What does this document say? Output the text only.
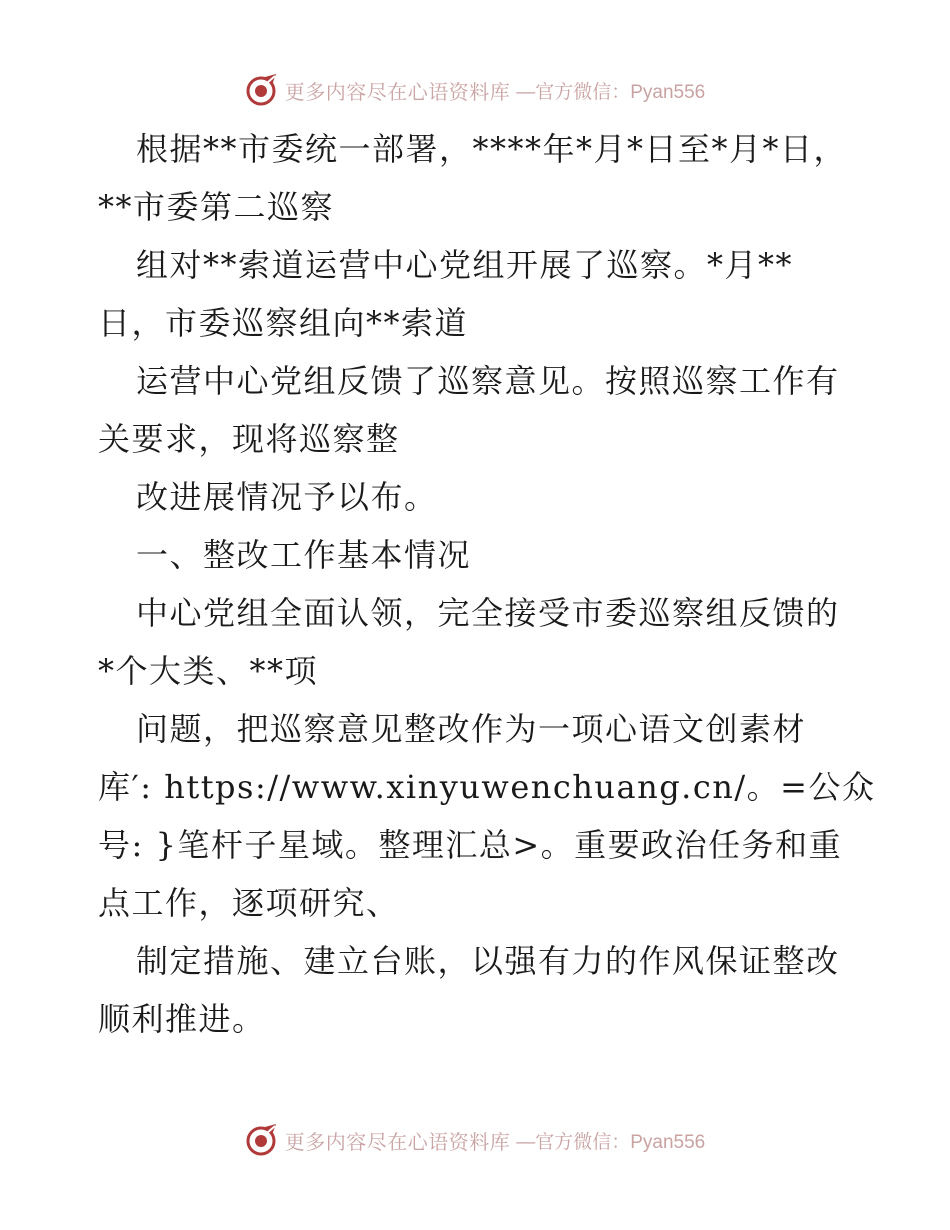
更多内容尽在心语资料库 —官方微信：Pyan556
根据**市委统一部署，****年*月*日至*月*日，
**市委第二巡察
组对**索道运营中心党组开展了巡察。*月**
日，市委巡察组向**索道
运营中心党组反馈了巡察意见。按照巡察工作有
关要求，现将巡察整
改进展情况予以布。
一、整改工作基本情况
中心党组全面认领，完全接受市委巡察组反馈的
*个大类、**项
问题，把巡察意见整改作为一项心语文创素材
库′: https://www.xinyuwenchuang.cn/。=公众
号: }笔杆子星域。整理汇总>。重要政治任务和重
点工作，逐项研究、
制定措施、建立台账，以强有力的作风保证整改
顺利推进。
更多内容尽在心语资料库 —官方微信：Pyan556
